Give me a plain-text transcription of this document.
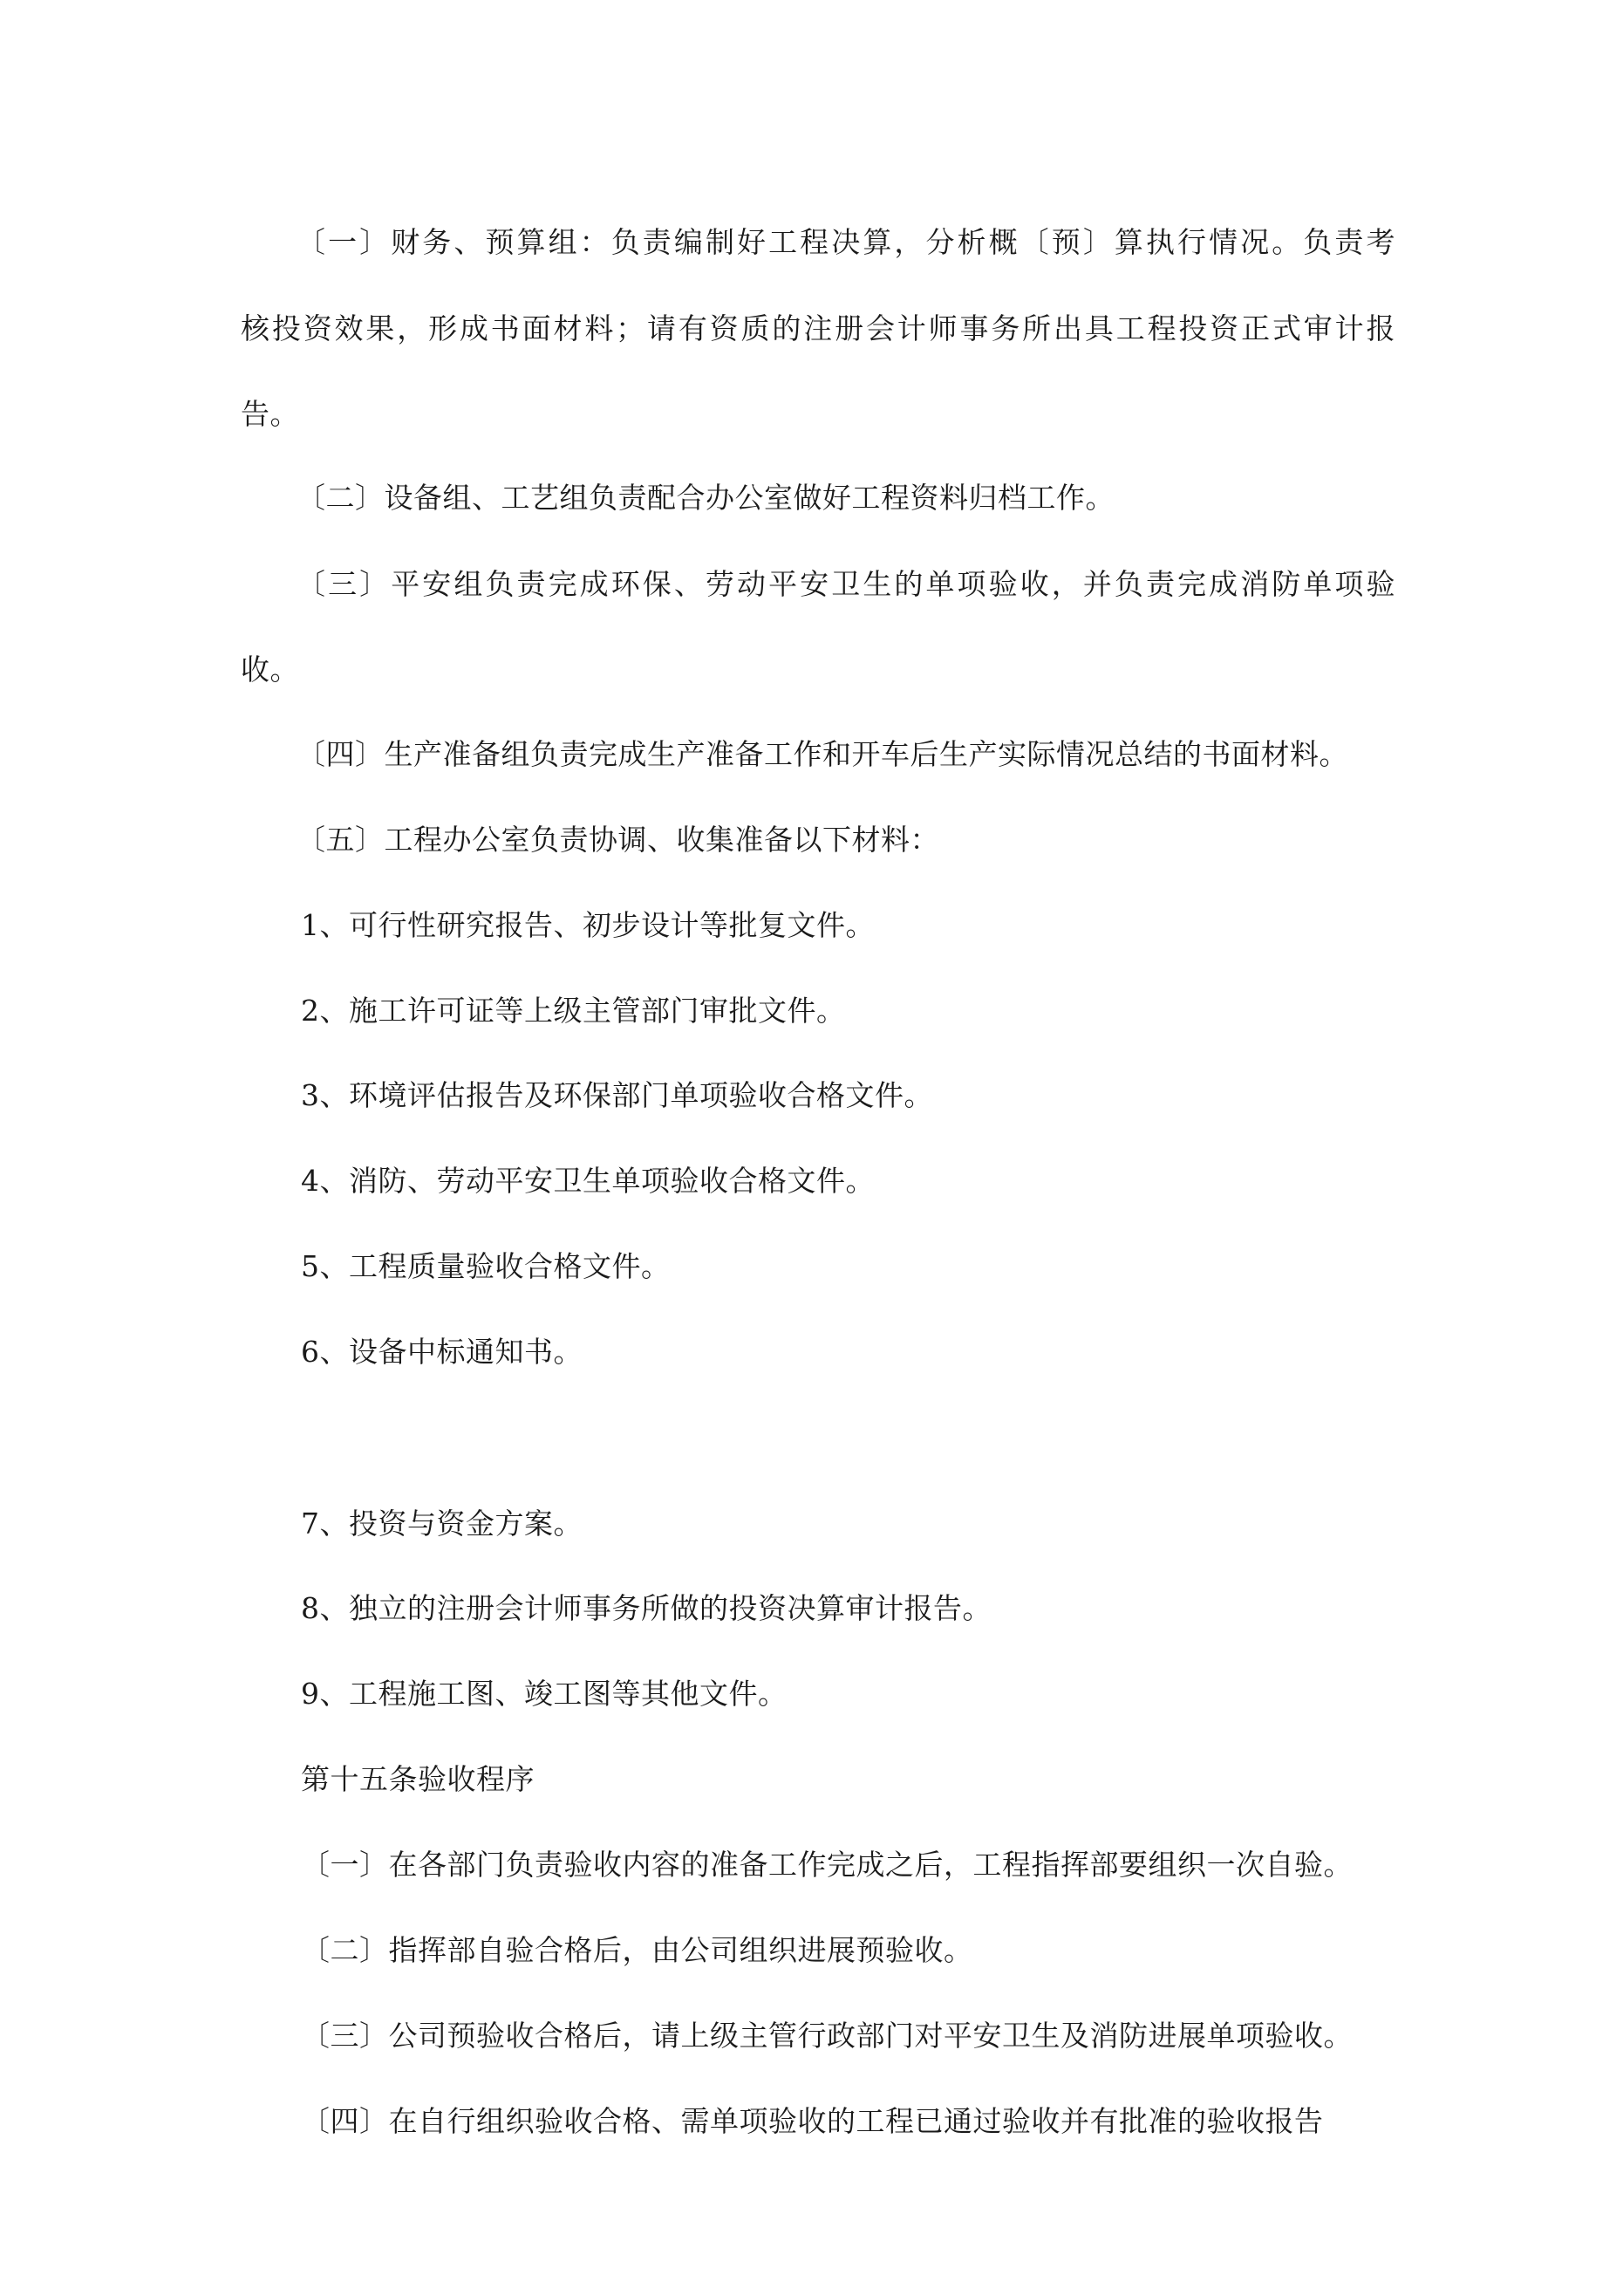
〔一〕财务、预算组：负责编制好工程决算，分析概〔预〕算执行情况。负责考
核投资效果，形成书面材料；请有资质的注册会计师事务所出具工程投资正式审计报
告。
〔二〕设备组、工艺组负责配合办公室做好工程资料归档工作。
〔三〕平安组负责完成环保、劳动平安卫生的单项验收，并负责完成消防单项验
收。
〔四〕生产准备组负责完成生产准备工作和开车后生产实际情况总结的书面材料。
〔五〕工程办公室负责协调、收集准备以下材料：
1、可行性研究报告、初步设计等批复文件。
2、施工许可证等上级主管部门审批文件。
3、环境评估报告及环保部门单项验收合格文件。
4、消防、劳动平安卫生单项验收合格文件。
5、工程质量验收合格文件。
6、设备中标通知书。
7、投资与资金方案。
8、独立的注册会计师事务所做的投资决算审计报告。
9、工程施工图、竣工图等其他文件。
第十五条验收程序
〔一〕在各部门负责验收内容的准备工作完成之后，工程指挥部要组织一次自验。
〔二〕指挥部自验合格后，由公司组织进展预验收。
〔三〕公司预验收合格后，请上级主管行政部门对平安卫生及消防进展单项验收。
〔四〕在自行组织验收合格、需单项验收的工程已通过验收并有批准的验收报告
